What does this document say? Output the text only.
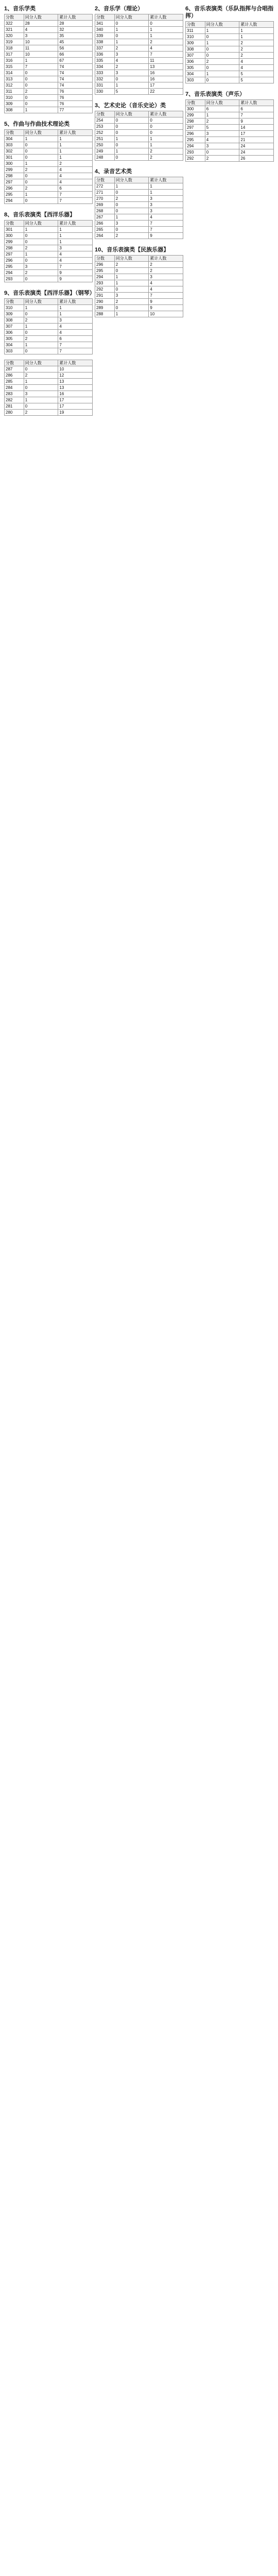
1、音乐学类
分数	同分人数	累计人数
322	28	28
321	4	32
320	3	35
319	10	45
318	11	56
317	10	66
316	1	67
315	7	74
314	0	74
313	0	74
312	0	74
311	2	76
310	0	76
309	0	76
308	1	77
5、作曲与作曲技术理论类
分数	同分人数	累计人数
304	1	1
303	0	1
302	0	1
301	0	1
300	1	2
299	2	4
298	0	4
297	0	4
296	2	6
295	1	7
294	0	7
8、音乐表演类【西洋乐器】
分数	同分人数	累计人数
301	1	1
300	0	1
299	0	1
298	2	3
297	1	4
296	0	4
295	3	7
294	2	9
293	0	9
9、音乐表演类【西洋乐器】（钢琴）
分数	同分人数	累计人数
310	1	1
309	0	1
308	2	3
307	1	4
306	0	4
305	2	6
304	1	7
303	0	7
分数	同分人数	累计人数
287	0	10
286	2	12
285	1	13
284	0	13
283	3	16
282	1	17
281	0	17
280	2	19
2、音乐学（理论）
分数	同分人数	累计人数
341	0	0
340	1	1
339	0	1
338	1	2
337	2	4
336	3	7
335	4	11
334	2	13
333	3	16
332	0	16
331	1	17
330	5	22
3、艺术史论（音乐史论）类
分数	同分人数	累计人数
254	0	0
253	0	0
252	0	0
251	1	1
250	0	1
249	1	2
248	0	2
4、录音艺术类
分数	同分人数	累计人数
272	1	1
271	0	1
270	2	3
269	0	3
268	0	3
267	1	4
266	3	7
265	0	7
264	2	9
10、音乐表演类【民族乐器】
分数	同分人数	累计人数
296	2	2
295	0	2
294	1	3
293	1	4
292	0	4
291	3	7
290	2	9
289	0	9
288	1	10
6、音乐表演类（乐队指挥与合唱指挥）
分数	同分人数	累计人数
311	1	1
310	0	1
309	1	2
308	0	2
307	0	2
306	2	4
305	0	4
304	1	5
303	0	5
7、音乐表演类（声乐）
分数	同分人数	累计人数
300	6	6
299	1	7
298	2	9
297	5	14
296	3	17
295	4	21
294	3	24
293	0	24
292	2	26
